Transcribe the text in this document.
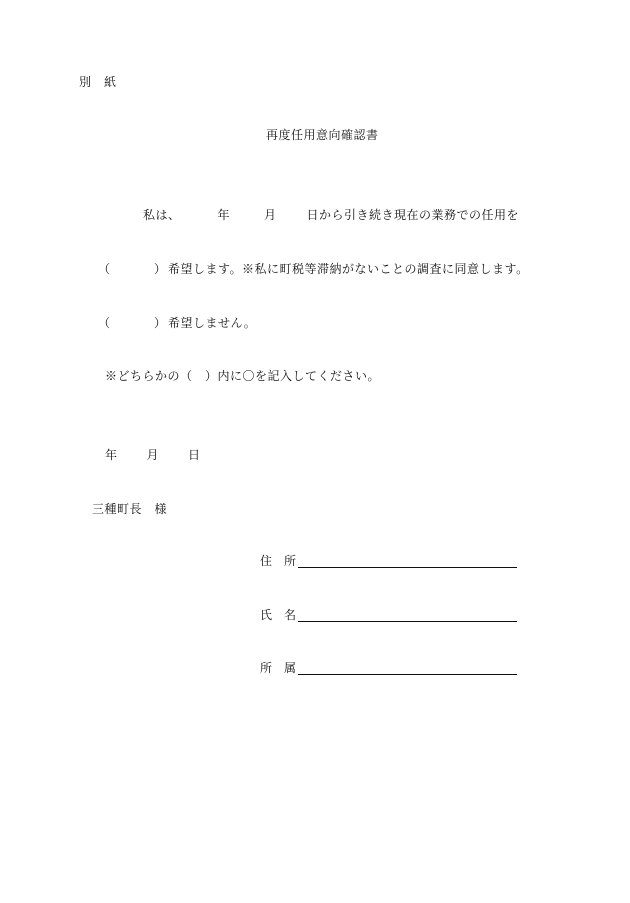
別　紙
再度任用意向確認書
私は、	年	月	日から引き続き現在の業務での任用を
（	）希望します。※私に町税等滞納がないことの調査に同意します。
（	）希望しません。
※どちらかの（　）内に〇を記入してください。
年 月 日
三種町長　様
住 所
氏 名
所 属
